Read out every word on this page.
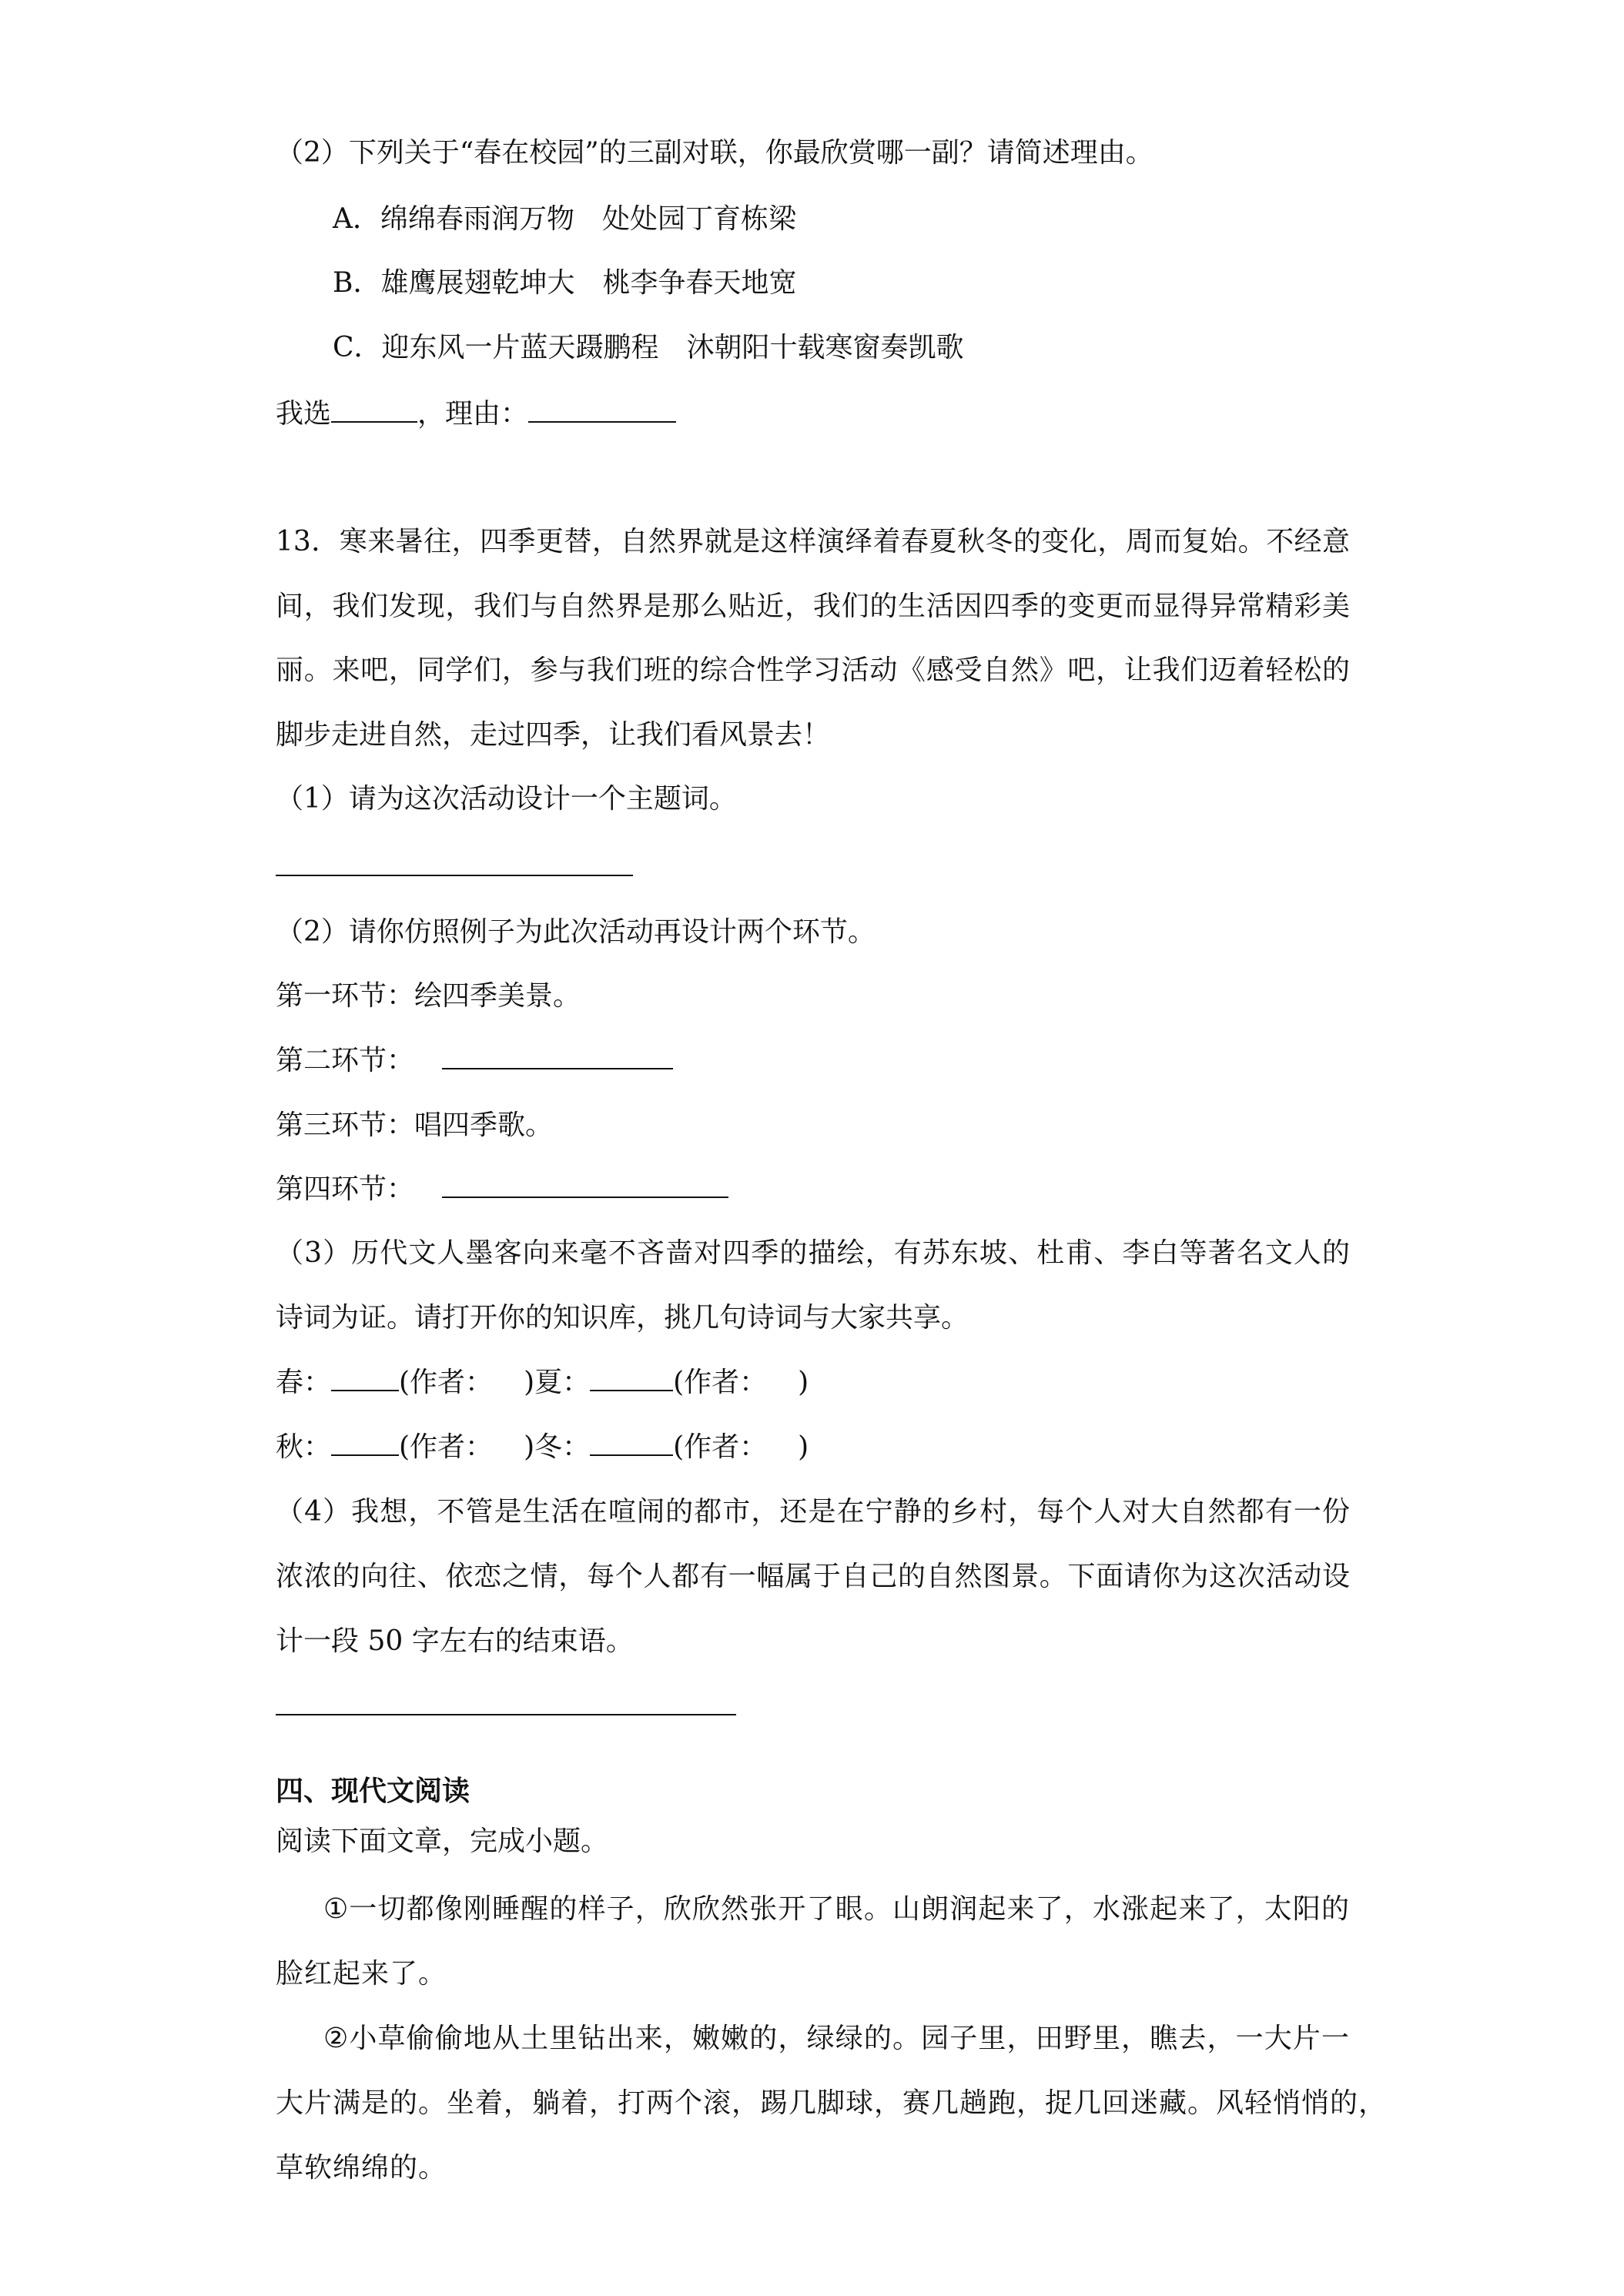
（2）下列关于“春在校园”的三副对联，你最欣赏哪一副？请简述理由。
A．绵绵春雨润万物　处处园丁育栋梁
B．雄鹰展翅乾坤大　桃李争春天地宽
C．迎东风一片蓝天蹑鹏程　沐朝阳十载寒窗奏凯歌
我选	，理由：
13．寒来暑往，四季更替，自然界就是这样演绎着春夏秋冬的变化，周而复始。不经意
间，我们发现，我们与自然界是那么贴近，我们的生活因四季的变更而显得异常精彩美
丽。来吧，同学们，参与我们班的综合性学习活动《感受自然》吧，让我们迈着轻松的
脚步走进自然，走过四季，让我们看风景去！
（1）请为这次活动设计一个主题词。
（2）请你仿照例子为此次活动再设计两个环节。
第一环节：绘四季美景。
第二环节：
第三环节：唱四季歌。
第四环节：
（3）历代文人墨客向来毫不吝啬对四季的描绘，有苏东坡、杜甫、李白等著名文人的
诗词为证。请打开你的知识库，挑几句诗词与大家共享。
春： (作者： )夏：	(作者： )
秋： (作者： )冬：	(作者： )
（4）我想，不管是生活在喧闹的都市，还是在宁静的乡村，每个人对大自然都有一份
浓浓的向往、依恋之情，每个人都有一幅属于自己的自然图景。下面请你为这次活动设
计一段 50 字左右的结束语。
四、现代文阅读
阅读下面文章，完成小题。
①一切都像刚睡醒的样子，欣欣然张开了眼。山朗润起来了，水涨起来了，太阳的
脸红起来了。
②小草偷偷地从土里钻出来，嫩嫩的，绿绿的。园子里，田野里，瞧去，一大片一
大片满是的。坐着，躺着，打两个滚，踢几脚球，赛几趟跑，捉几回迷藏。风轻悄悄的，
草软绵绵的。
